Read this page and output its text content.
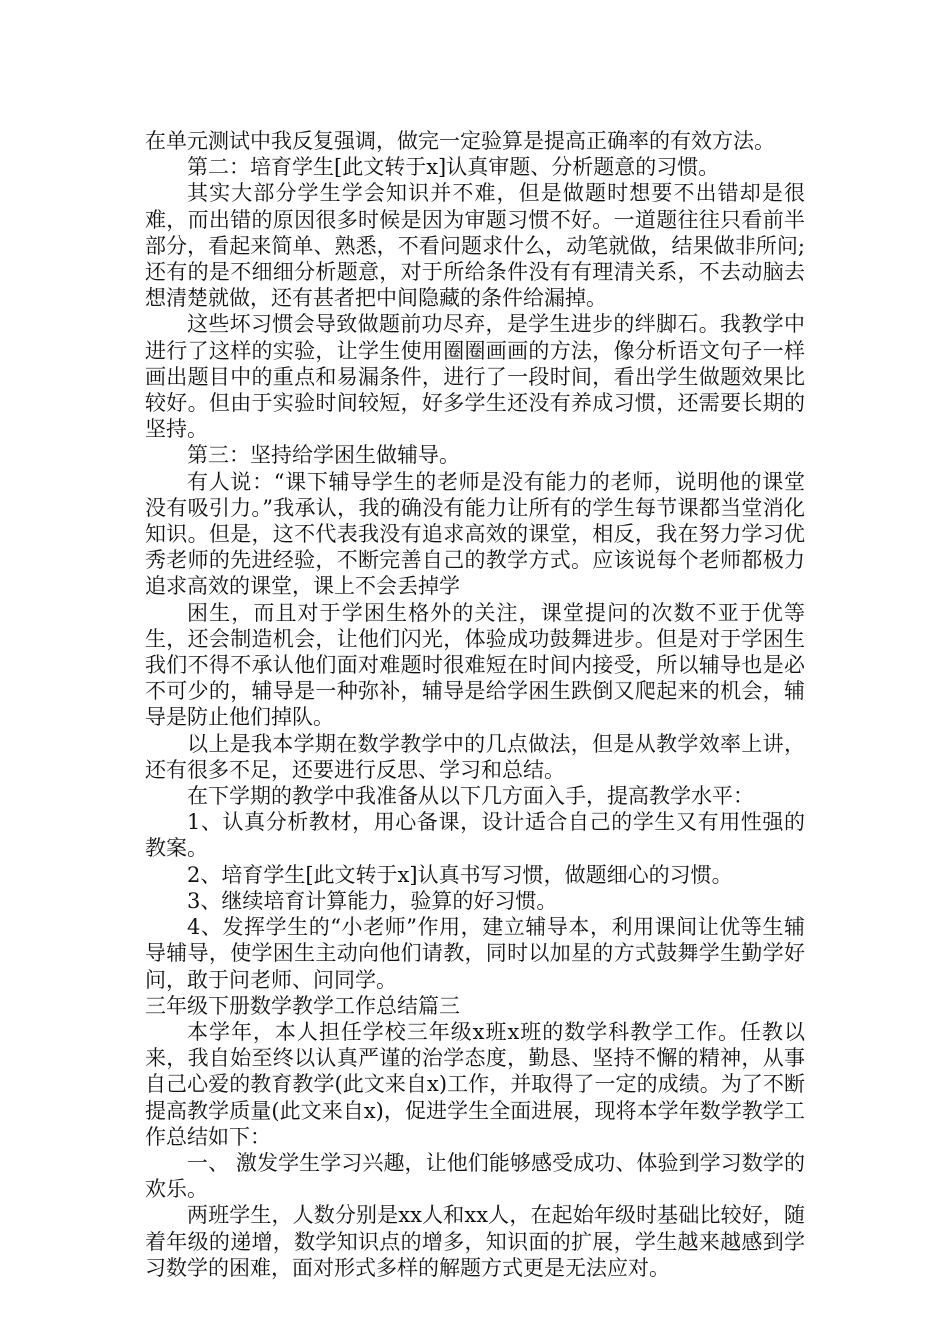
在单元测试中我反复强调，做完一定验算是提高正确率的有效方法。

第二：培育学生[此文转于x]认真审题、分析题意的习惯。

其实大部分学生学会知识并不难，但是做题时想要不出错却是很难，而出错的原因很多时候是因为审题习惯不好。一道题往往只看前半部分，看起来简单、熟悉，不看问题求什么，动笔就做，结果做非所问;还有的是不细细分析题意，对于所给条件没有有理清关系，不去动脑去想清楚就做，还有甚者把中间隐藏的条件给漏掉。

这些坏习惯会导致做题前功尽弃，是学生进步的绊脚石。我教学中进行了这样的实验，让学生使用圈圈画画的方法，像分析语文句子一样画出题目中的重点和易漏条件，进行了一段时间，看出学生做题效果比较好。但由于实验时间较短，好多学生还没有养成习惯，还需要长期的坚持。

第三：坚持给学困生做辅导。

有人说：“课下辅导学生的老师是没有能力的老师，说明他的课堂没有吸引力。”我承认，我的确没有能力让所有的学生每节课都当堂消化知识。但是，这不代表我没有追求高效的课堂，相反，我在努力学习优秀老师的先进经验，不断完善自己的教学方式。应该说每个老师都极力追求高效的课堂，课上不会丢掉学

困生，而且对于学困生格外的关注，课堂提问的次数不亚于优等生，还会制造机会，让他们闪光，体验成功鼓舞进步。但是对于学困生我们不得不承认他们面对难题时很难短在时间内接受，所以辅导也是必不可少的，辅导是一种弥补，辅导是给学困生跌倒又爬起来的机会，辅导是防止他们掉队。

以上是我本学期在数学教学中的几点做法，但是从教学效率上讲，还有很多不足，还要进行反思、学习和总结。

在下学期的教学中我准备从以下几方面入手，提高教学水平：

1、认真分析教材，用心备课，设计适合自己的学生又有用性强的教案。

2、培育学生[此文转于x]认真书写习惯，做题细心的习惯。

3、继续培育计算能力，验算的好习惯。

4、发挥学生的“小老师”作用，建立辅导本，利用课间让优等生辅导辅导，使学困生主动向他们请教，同时以加星的方式鼓舞学生勤学好问，敢于问老师、问同学。

三年级下册数学教学工作总结篇三

本学年，本人担任学校三年级x班x班的数学科教学工作。任教以来，我自始至终以认真严谨的治学态度，勤恳、坚持不懈的精神，从事自己心爱的教育教学(此文来自x)工作，并取得了一定的成绩。为了不断提高教学质量(此文来自x)，促进学生全面进展，现将本学年数学教学工作总结如下：

一、 激发学生学习兴趣，让他们能够感受成功、体验到学习数学的欢乐。

两班学生，人数分别是xx人和xx人，在起始年级时基础比较好，随着年级的递增，数学知识点的增多，知识面的扩展，学生越来越感到学习数学的困难，面对形式多样的解题方式更是无法应对。
